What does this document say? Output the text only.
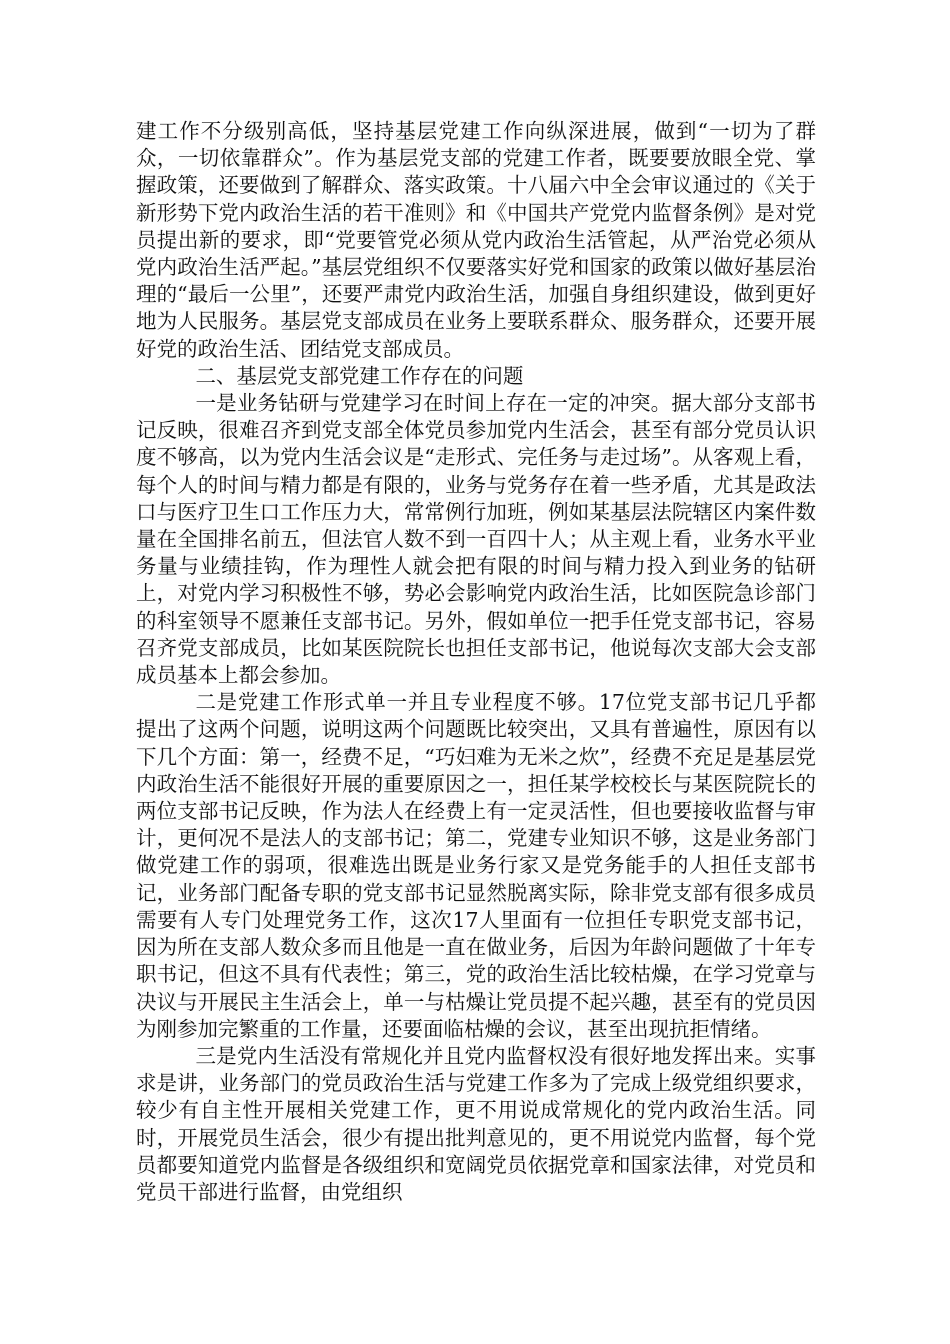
建工作不分级别高低，坚持基层党建工作向纵深进展，做到“一切为了群众，一切依靠群众”。作为基层党支部的党建工作者，既要要放眼全党、掌握政策，还要做到了解群众、落实政策。十八届六中全会审议通过的《关于新形势下党内政治生活的若干准则》和《中国共产党党内监督条例》是对党员提出新的要求，即“党要管党必须从党内政治生活管起，从严治党必须从党内政治生活严起。”基层党组织不仅要落实好党和国家的政策以做好基层治理的“最后一公里”，还要严肃党内政治生活，加强自身组织建设，做到更好地为人民服务。基层党支部成员在业务上要联系群众、服务群众，还要开展好党的政治生活、团结党支部成员。

二、基层党支部党建工作存在的问题

一是业务钻研与党建学习在时间上存在一定的冲突。据大部分支部书记反映，很难召齐到党支部全体党员参加党内生活会，甚至有部分党员认识度不够高，以为党内生活会议是“走形式、完任务与走过场”。从客观上看，每个人的时间与精力都是有限的，业务与党务存在着一些矛盾，尤其是政法口与医疗卫生口工作压力大，常常例行加班，例如某基层法院辖区内案件数量在全国排名前五，但法官人数不到一百四十人；从主观上看，业务水平业务量与业绩挂钩，作为理性人就会把有限的时间与精力投入到业务的钻研上，对党内学习积极性不够，势必会影响党内政治生活，比如医院急诊部门的科室领导不愿兼任支部书记。另外，假如单位一把手任党支部书记，容易召齐党支部成员，比如某医院院长也担任支部书记，他说每次支部大会支部成员基本上都会参加。

二是党建工作形式单一并且专业程度不够。17位党支部书记几乎都提出了这两个问题，说明这两个问题既比较突出，又具有普遍性，原因有以下几个方面：第一，经费不足，“巧妇难为无米之炊”，经费不充足是基层党内政治生活不能很好开展的重要原因之一，担任某学校校长与某医院院长的两位支部书记反映，作为法人在经费上有一定灵活性，但也要接收监督与审计，更何况不是法人的支部书记；第二，党建专业知识不够，这是业务部门做党建工作的弱项，很难选出既是业务行家又是党务能手的人担任支部书记，业务部门配备专职的党支部书记显然脱离实际，除非党支部有很多成员需要有人专门处理党务工作，这次17人里面有一位担任专职党支部书记，因为所在支部人数众多而且他是一直在做业务，后因为年龄问题做了十年专职书记，但这不具有代表性；第三，党的政治生活比较枯燥，在学习党章与决议与开展民主生活会上，单一与枯燥让党员提不起兴趣，甚至有的党员因为刚参加完繁重的工作量，还要面临枯燥的会议，甚至出现抗拒情绪。

三是党内生活没有常规化并且党内监督权没有很好地发挥出来。实事求是讲，业务部门的党员政治生活与党建工作多为了完成上级党组织要求，较少有自主性开展相关党建工作，更不用说成常规化的党内政治生活。同时，开展党员生活会，很少有提出批判意见的，更不用说党内监督，每个党员都要知道党内监督是各级组织和宽阔党员依据党章和国家法律，对党员和党员干部进行监督，由党组织
